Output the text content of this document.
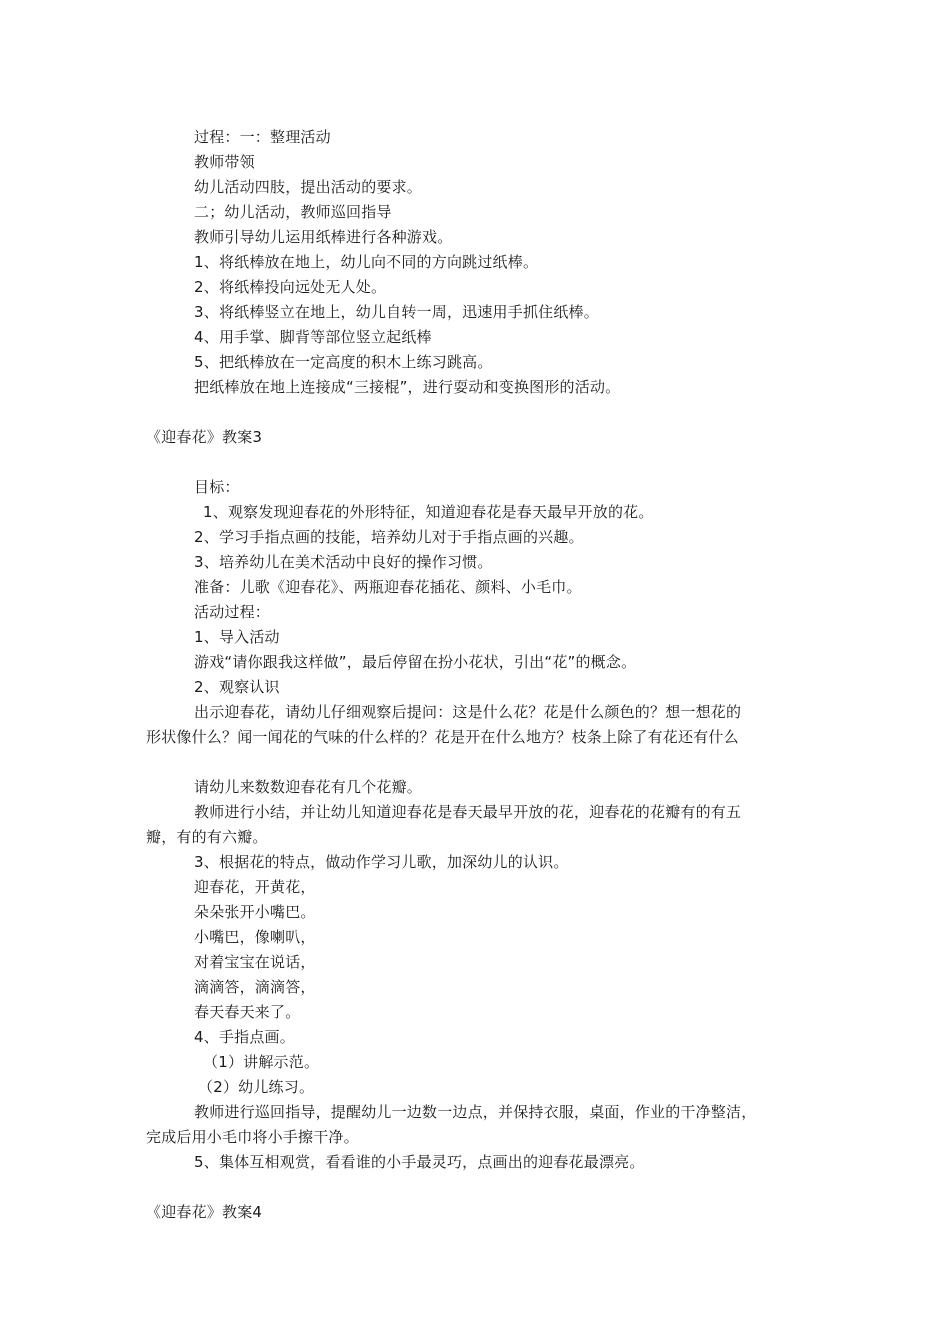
过程：一：整理活动
教师带领
幼儿活动四肢，提出活动的要求。
二；幼儿活动，教师巡回指导
教师引导幼儿运用纸棒进行各种游戏。
1、将纸棒放在地上，幼儿向不同的方向跳过纸棒。
2、将纸棒投向远处无人处。
3、将纸棒竖立在地上，幼儿自转一周，迅速用手抓住纸棒。
4、用手掌、脚背等部位竖立起纸棒
5、把纸棒放在一定高度的积木上练习跳高。
把纸棒放在地上连接成“三接棍”，进行耍动和变换图形的活动。
《迎春花》教案3
目标：
1、观察发现迎春花的外形特征，知道迎春花是春天最早开放的花。
2、学习手指点画的技能，培养幼儿对于手指点画的兴趣。
3、培养幼儿在美术活动中良好的操作习惯。
准备：儿歌《迎春花》、两瓶迎春花插花、颜料、小毛巾。
活动过程：
1、导入活动
游戏“请你跟我这样做”，最后停留在扮小花状，引出“花”的概念。
2、观察认识
出示迎春花，请幼儿仔细观察后提问：这是什么花？花是什么颜色的？想一想花的
形状像什么？闻一闻花的气味的什么样的？花是开在什么地方？枝条上除了有花还有什么
请幼儿来数数迎春花有几个花瓣。
教师进行小结，并让幼儿知道迎春花是春天最早开放的花，迎春花的花瓣有的有五
瓣，有的有六瓣。
3、根据花的特点，做动作学习儿歌，加深幼儿的认识。
迎春花，开黄花，
朵朵张开小嘴巴。
小嘴巴，像喇叭，
对着宝宝在说话，
滴滴答，滴滴答，
春天春天来了。
4、手指点画。
（1）讲解示范。
（2）幼儿练习。
教师进行巡回指导，提醒幼儿一边数一边点，并保持衣服，桌面，作业的干净整洁，
完成后用小毛巾将小手擦干净。
5、集体互相观赏，看看谁的小手最灵巧，点画出的迎春花最漂亮。
《迎春花》教案4
